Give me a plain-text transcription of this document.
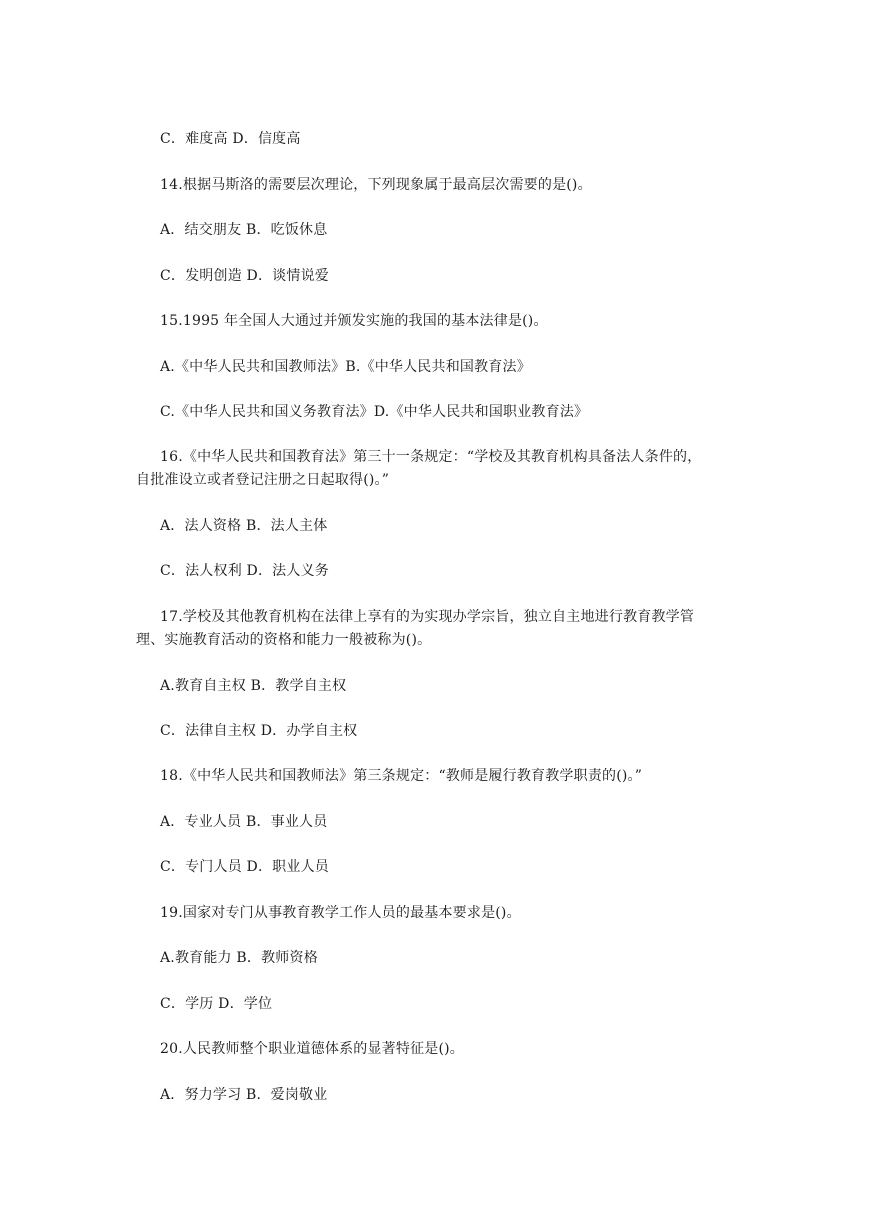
C．难度高 D．信度高
14.根据马斯洛的需要层次理论，下列现象属于最高层次需要的是()。
A．结交朋友 B．吃饭休息
C．发明创造 D．谈情说爱
15.1995 年全国人大通过并颁发实施的我国的基本法律是()。
A.《中华人民共和国教师法》B.《中华人民共和国教育法》
C.《中华人民共和国义务教育法》D.《中华人民共和国职业教育法》
16.《中华人民共和国教育法》第三十一条规定：“学校及其教育机构具备法人条件的，
自批准设立或者登记注册之日起取得()。”
A．法人资格 B．法人主体
C．法人权利 D．法人义务
17.学校及其他教育机构在法律上享有的为实现办学宗旨，独立自主地进行教育教学管
理、实施教育活动的资格和能力一般被称为()。
A.教育自主权 B．教学自主权
C．法律自主权 D．办学自主权
18.《中华人民共和国教师法》第三条规定：“教师是履行教育教学职责的()。”
A．专业人员 B．事业人员
C．专门人员 D．职业人员
19.国家对专门从事教育教学工作人员的最基本要求是()。
A.教育能力 B．教师资格
C．学历 D．学位
20.人民教师整个职业道德体系的显著特征是()。
A．努力学习 B．爱岗敬业
